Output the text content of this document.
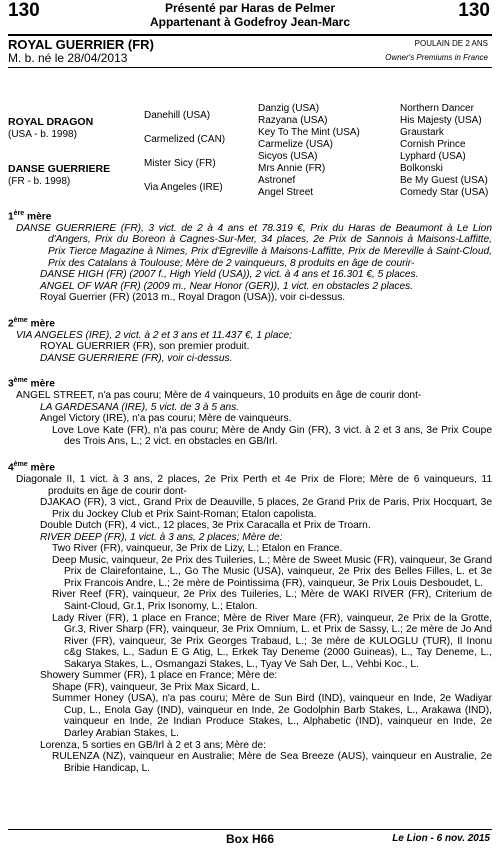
130	Présenté par Haras de Pelmer
Appartenant à Godefroy Jean-Marc
130
ROYAL GUERRIER (FR)
M. b. né le 28/04/2013
POULAIN DE 2 ANS
Owner's Premiums in France
ROYAL DRAGON
(USA - b. 1998)
DANSE GUERRIERE
(FR - b. 1998)
Danehill (USA)
Carmelized (CAN)
Mister Sicy (FR)
Via Angeles (IRE)
Danzig (USA)
Razyana (USA)
Key To The Mint (USA)
Carmelize (USA)
Sicyos (USA)
Mrs Annie (FR)
Astronef
Angel Street
Northern Dancer
His Majesty (USA)
Graustark
Cornish Prince
Lyphard (USA)
Bolkonski
Be My Guest (USA)
Comedy Star (USA)
1ère mère
DANSE GUERRIERE (FR), 3 vict. de 2 à 4 ans et 78.319 €, Prix du Haras de Beaumont à Le Lion d'Angers, Prix du Boreon à Cagnes-Sur-Mer, 34 places, 2e Prix de Sannois à Maisons-Laffitte, Prix Tierce Magazine à Nimes, Prix d'Egreville à Maisons-Laffitte, Prix de Mereville à Saint-Cloud, Prix des Catalans à Toulouse; Mère de 2 vainqueurs, 8 produits en âge de courir-
DANSE HIGH (FR) (2007 f., High Yield (USA)), 2 vict. à 4 ans et 16.301 €, 5 places.
ANGEL OF WAR (FR) (2009 m., Near Honor (GER)), 1 vict. en obstacles 2 places.
Royal Guerrier (FR) (2013 m., Royal Dragon (USA)), voir ci-dessus.
2ème mère
VIA ANGELES (IRE), 2 vict. à 2 et 3 ans et 11.437 €, 1 place;
ROYAL GUERRIER (FR), son premier produit.
DANSE GUERRIERE (FR), voir ci-dessus.
3ème mère
ANGEL STREET, n'a pas couru; Mère de 4 vainqueurs, 10 produits en âge de courir dont-
LA GARDESANA (IRE), 5 vict. de 3 à 5 ans.
Angel Victory (IRE), n'a pas couru; Mère de vainqueurs.
Love Love Kate (FR), n'a pas couru; Mère de Andy Gin (FR), 3 vict. à 2 et 3 ans, 3e Prix Coupe des Trois Ans, L.; 2 vict. en obstacles en GB/Irl.
4ème mère
Diagonale II, 1 vict. à 3 ans, 2 places, 2e Prix Perth et 4e Prix de Flore; Mère de 6 vainqueurs, 11 produits en âge de courir dont-
DJAKAO (FR), 3 vict., Grand Prix de Deauville, 5 places, 2e Grand Prix de Paris, Prix Hocquart, 3e Prix du Jockey Club et Prix Saint-Roman; Etalon capolista.
Double Dutch (FR), 4 vict., 12 places, 3e Prix Caracalla et Prix de Troarn.
RIVER DEEP (FR), 1 vict. à 3 ans, 2 places; Mère de:
Two River (FR), vainqueur, 3e Prix de Lizy, L.; Etalon en France.
Deep Music, vainqueur, 2e Prix des Tuileries, L.; Mère de Sweet Music (FR), vainqueur, 3e Grand Prix de Clairefontaine, L., Go The Music (USA), vainqueur, 2e Prix des Belles Filles, L. et 3e Prix Francois Andre, L.; 2e mère de Pointissima (FR), vainqueur, 3e Prix Louis Desboudet, L.
River Reef (FR), vainqueur, 2e Prix des Tuileries, L.; Mère de WAKI RIVER (FR), Criterium de Saint-Cloud, Gr.1, Prix Isonomy, L.; Etalon.
Lady River (FR), 1 place en France; Mère de River Mare (FR), vainqueur, 2e Prix de la Grotte, Gr.3, River Sharp (FR), vainqueur, 3e Prix Omnium, L. et Prix de Sassy, L.; 2e mère de Jo And River (FR), vainqueur, 3e Prix Georges Trabaud, L.; 3e mère de KULOGLU (TUR), Il Inonu c&g Stakes, L., Sadun E G Atig, L., Erkek Tay Deneme (2000 Guineas), L., Tay Deneme, L., Sakarya Stakes, L., Osmangazi Stakes, L., Tyay Ve Sah Der, L., Vehbi Koc., L.
Showery Summer (FR), 1 place en France; Mère de:
Shape (FR), vainqueur, 3e Prix Max Sicard, L.
Summer Honey (USA), n'a pas couru; Mère de Sun Bird (IND), vainqueur en Inde, 2e Wadiyar Cup, L., Enola Gay (IND), vainqueur en Inde, 2e Godolphin Barb Stakes, L., Arakawa (IND), vainqueur en Inde, 2e Indian Produce Stakes, L., Alphabetic (IND), vainqueur en Inde, 2e Darley Arabian Stakes, L.
Lorenza, 5 sorties en GB/Irl à 2 et 3 ans; Mère de:
RULENZA (NZ), vainqueur en Australie; Mère de Sea Breeze (AUS), vainqueur en Australie, 2e Bribie Handicap, L.
Box H66	Le Lion - 6 nov. 2015
